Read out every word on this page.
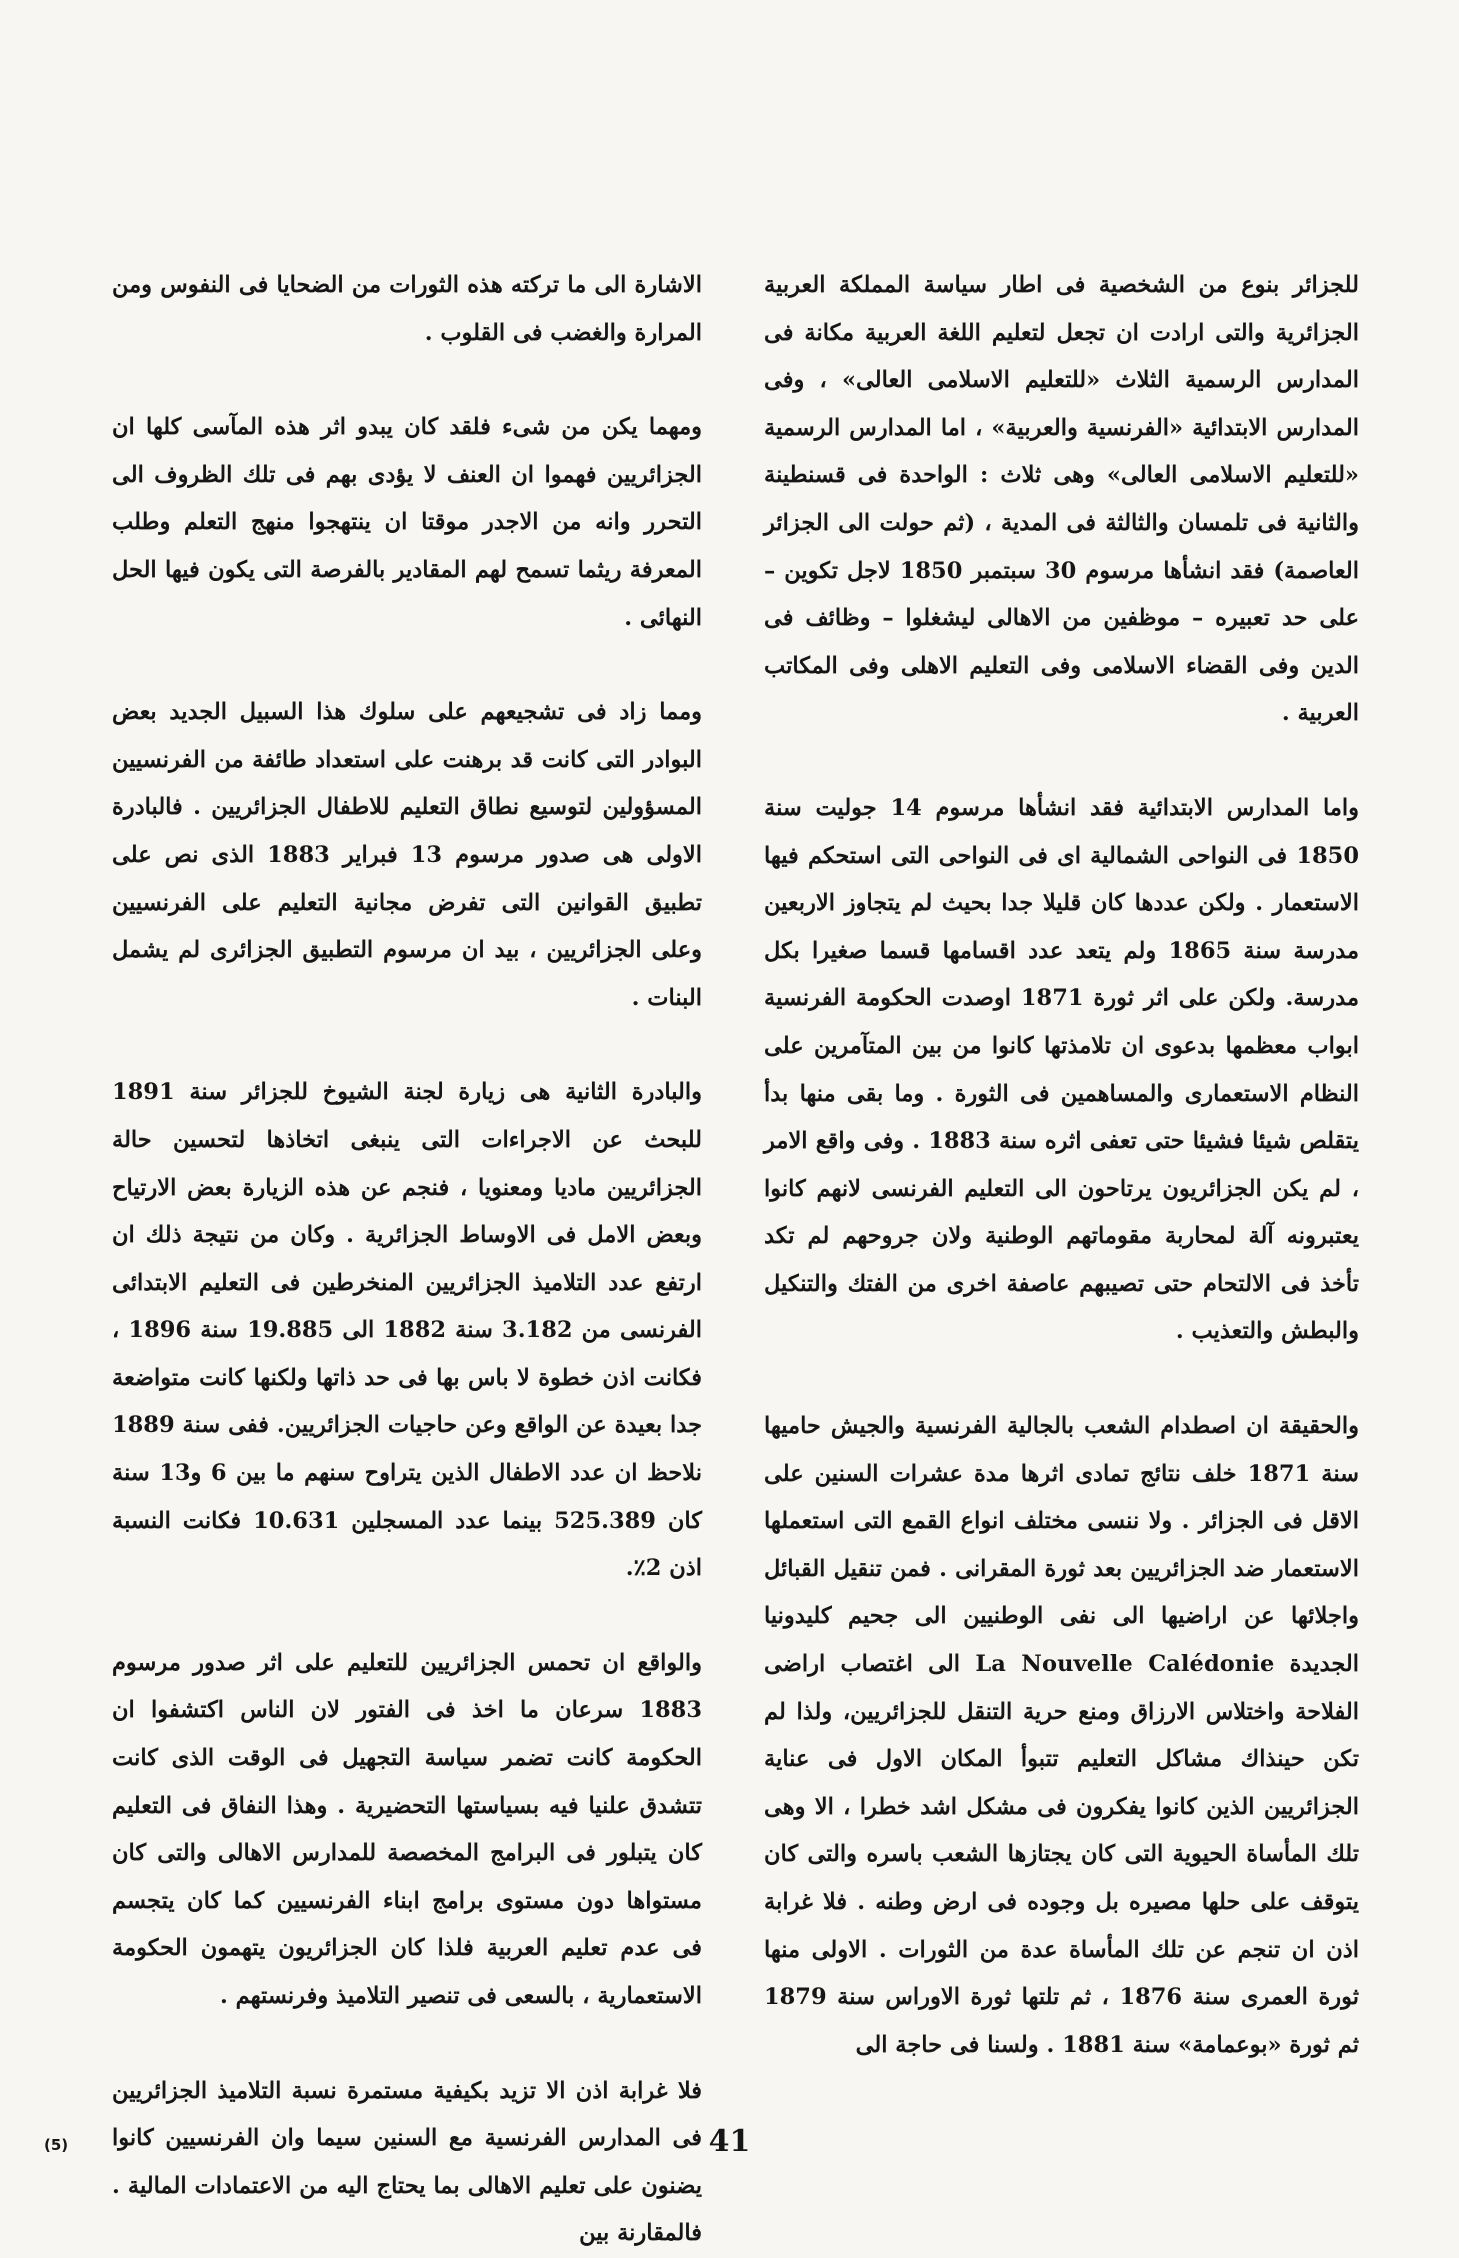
للجزائر بنوع من الشخصية فى اطار سياسة المملكة العربية الجزائرية والتى ارادت ان تجعل لتعليم اللغة العربية مكانة فى المدارس الرسمية الثلاث «للتعليم الاسلامى العالى» ، وفى المدارس الابتدائية «الفرنسية والعربية» ، اما المدارس الرسمية «للتعليم الاسلامى العالى» وهى ثلاث : الواحدة فى قسنطينة والثانية فى تلمسان والثالثة فى المدية ، (ثم حولت الى الجزائر العاصمة) فقد انشأها مرسوم 30 سبتمبر 1850 لاجل تكوين – على حد تعبيره – موظفين من الاهالى ليشغلوا – وظائف فى الدين وفى القضاء الاسلامى وفى التعليم الاهلى وفى المكاتب العربية .

واما المدارس الابتدائية فقد انشأها مرسوم 14 جوليت سنة 1850 فى النواحى الشمالية اى فى النواحى التى استحكم فيها الاستعمار . ولكن عددها كان قليلا جدا بحيث لم يتجاوز الاربعين مدرسة سنة 1865 ولم يتعد عدد اقسامها قسما صغيرا بكل مدرسة. ولكن على اثر ثورة 1871 اوصدت الحكومة الفرنسية ابواب معظمها بدعوى ان تلامذتها كانوا من بين المتآمرين على النظام الاستعمارى والمساهمين فى الثورة . وما بقى منها بدأ يتقلص شيئا فشيئا حتى تعفى اثره سنة 1883 . وفى واقع الامر ، لم يكن الجزائريون يرتاحون الى التعليم الفرنسى لانهم كانوا يعتبرونه آلة لمحاربة مقوماتهم الوطنية ولان جروحهم لم تكد تأخذ فى الالتحام حتى تصيبهم عاصفة اخرى من الفتك والتنكيل والبطش والتعذيب .

والحقيقة ان اصطدام الشعب بالجالية الفرنسية والجيش حاميها سنة 1871 خلف نتائج تمادى اثرها مدة عشرات السنين على الاقل فى الجزائر . ولا ننسى مختلف انواع القمع التى استعملها الاستعمار ضد الجزائريين بعد ثورة المقرانى . فمن تنقيل القبائل واجلائها عن اراضيها الى نفى الوطنيين الى جحيم كليدونيا الجديدة La Nouvelle Calédonie الى اغتصاب اراضى الفلاحة واختلاس الارزاق ومنع حرية التنقل للجزائريين، ولذا لم تكن حينذاك مشاكل التعليم تتبوأ المكان الاول فى عناية الجزائريين الذين كانوا يفكرون فى مشكل اشد خطرا ، الا وهى تلك المأساة الحيوية التى كان يجتازها الشعب باسره والتى كان يتوقف على حلها مصيره بل وجوده فى ارض وطنه . فلا غرابة اذن ان تنجم عن تلك المأساة عدة من الثورات . الاولى منها ثورة العمرى سنة 1876 ، ثم تلتها ثورة الاوراس سنة 1879 ثم ثورة «بوعمامة» سنة 1881 . ولسنا فى حاجة الى

الاشارة الى ما تركته هذه الثورات من الضحايا فى النفوس ومن المرارة والغضب فى القلوب .

ومهما يكن من شىء فلقد كان يبدو اثر هذه المآسى كلها ان الجزائريين فهموا ان العنف لا يؤدى بهم فى تلك الظروف الى التحرر وانه من الاجدر موقتا ان ينتهجوا منهج التعلم وطلب المعرفة ريثما تسمح لهم المقادير بالفرصة التى يكون فيها الحل النهائى .

ومما زاد فى تشجيعهم على سلوك هذا السبيل الجديد بعض البوادر التى كانت قد برهنت على استعداد طائفة من الفرنسيين المسؤولين لتوسيع نطاق التعليم للاطفال الجزائريين . فالبادرة الاولى هى صدور مرسوم 13 فبراير 1883 الذى نص على تطبيق القوانين التى تفرض مجانية التعليم على الفرنسيين وعلى الجزائريين ، بيد ان مرسوم التطبيق الجزائرى لم يشمل البنات .

والبادرة الثانية هى زيارة لجنة الشيوخ للجزائر سنة 1891 للبحث عن الاجراءات التى ينبغى اتخاذها لتحسين حالة الجزائريين ماديا ومعنويا ، فنجم عن هذه الزيارة بعض الارتياح وبعض الامل فى الاوساط الجزائرية . وكان من نتيجة ذلك ان ارتفع عدد التلاميذ الجزائريين المنخرطين فى التعليم الابتدائى الفرنسى من 3.182 سنة 1882 الى 19.885 سنة 1896 ، فكانت اذن خطوة لا باس بها فى حد ذاتها ولكنها كانت متواضعة جدا بعيدة عن الواقع وعن حاجيات الجزائريين. ففى سنة 1889 نلاحظ ان عدد الاطفال الذين يتراوح سنهم ما بين 6 و13 سنة كان 525.389 بينما عدد المسجلين 10.631 فكانت النسبة اذن 2٪.

والواقع ان تحمس الجزائريين للتعليم على اثر صدور مرسوم 1883 سرعان ما اخذ فى الفتور لان الناس اكتشفوا ان الحكومة كانت تضمر سياسة التجهيل فى الوقت الذى كانت تتشدق علنيا فيه بسياستها التحضيرية . وهذا النفاق فى التعليم كان يتبلور فى البرامج المخصصة للمدارس الاهالى والتى كان مستواها دون مستوى برامج ابناء الفرنسيين كما كان يتجسم فى عدم تعليم العربية فلذا كان الجزائريون يتهمون الحكومة الاستعمارية ، بالسعى فى تنصير التلاميذ وفرنستهم .

فلا غرابة اذن الا تزيد بكيفية مستمرة نسبة التلاميذ الجزائريين فى المدارس الفرنسية مع السنين سيما وان الفرنسيين كانوا يضنون على تعليم الاهالى بما يحتاج اليه من الاعتمادات المالية . فالمقارنة بين

(5)	41
